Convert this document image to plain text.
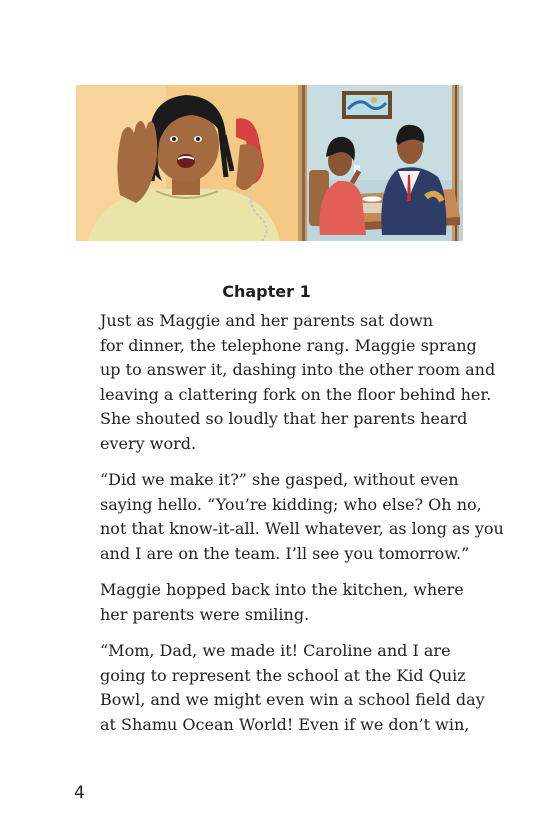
Chapter 1

Just as Maggie and her parents sat down
for dinner, the telephone rang. Maggie sprang
up to answer it, dashing into the other room and
leaving a clattering fork on the floor behind her.
She shouted so loudly that her parents heard
every word.

“Did we make it?” she gasped, without even
saying hello. “You’re kidding; who else? Oh no,
not that know-it-all. Well whatever, as long as you
and I are on the team. I’ll see you tomorrow.”

Maggie hopped back into the kitchen, where
her parents were smiling.

“Mom, Dad, we made it! Caroline and I are
going to represent the school at the Kid Quiz
Bowl, and we might even win a school field day
at Shamu Ocean World! Even if we don’t win,

4
